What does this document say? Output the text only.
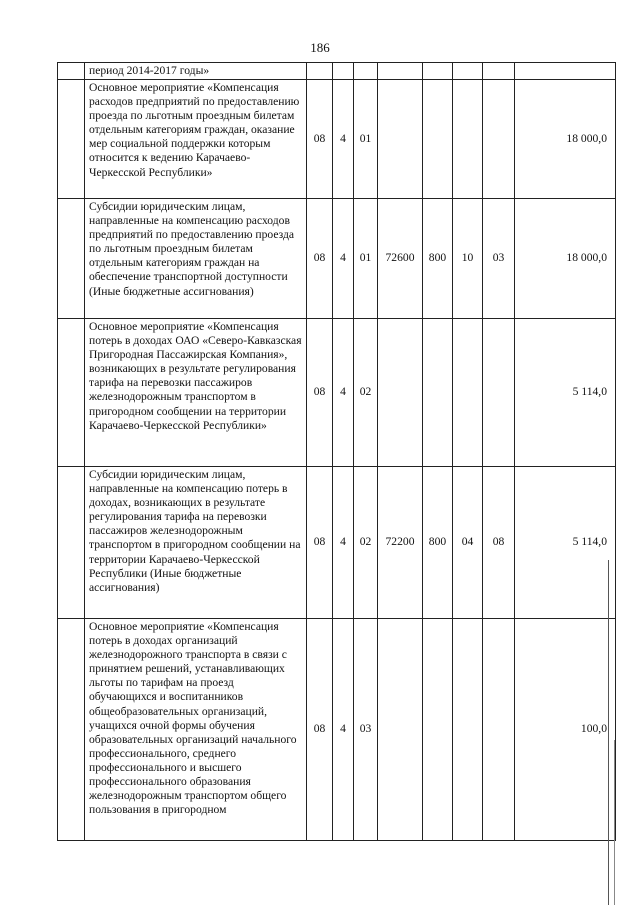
186
	период 2014-2017 годы»								
	Основное мероприятие «Компенсация расходов предприятий по предоставлению проезда по льготным проездным билетам отдельным категориям граждан, оказание мер социальной поддержки которым относится к ведению Карачаево-Черкесской Республики»	08	4	01					18 000,0
	Субсидии юридическим лицам, направленные на компенсацию расходов предприятий по предоставлению проезда по льготным проездным билетам отдельным категориям граждан на обеспечение транспортной доступности (Иные бюджетные ассигнования)	08	4	01	72600	800	10	03	18 000,0
	Основное мероприятие «Компенсация потерь в доходах ОАО «Северо-Кавказская Пригородная Пассажирская Компания», возникающих в результате регулирования тарифа на перевозки пассажиров железнодорожным транспортом в пригородном сообщении на территории Карачаево-Черкесской Республики»	08	4	02					5 114,0
	Субсидии юридическим лицам, направленные на компенсацию потерь в доходах, возникающих в результате регулирования тарифа на перевозки пассажиров железнодорожным транспортом в пригородном сообщении на территории Карачаево-Черкесской Республики (Иные бюджетные ассигнования)	08	4	02	72200	800	04	08	5 114,0
	Основное мероприятие «Компенсация потерь в доходах организаций железнодорожного транспорта в связи с принятием решений, устанавливающих льготы по тарифам на проезд обучающихся и воспитанников общеобразовательных организаций, учащихся очной формы обучения образовательных организаций начального профессионального, среднего профессионального и высшего профессионального образования железнодорожным транспортом общего пользования в пригородном	08	4	03					100,0
